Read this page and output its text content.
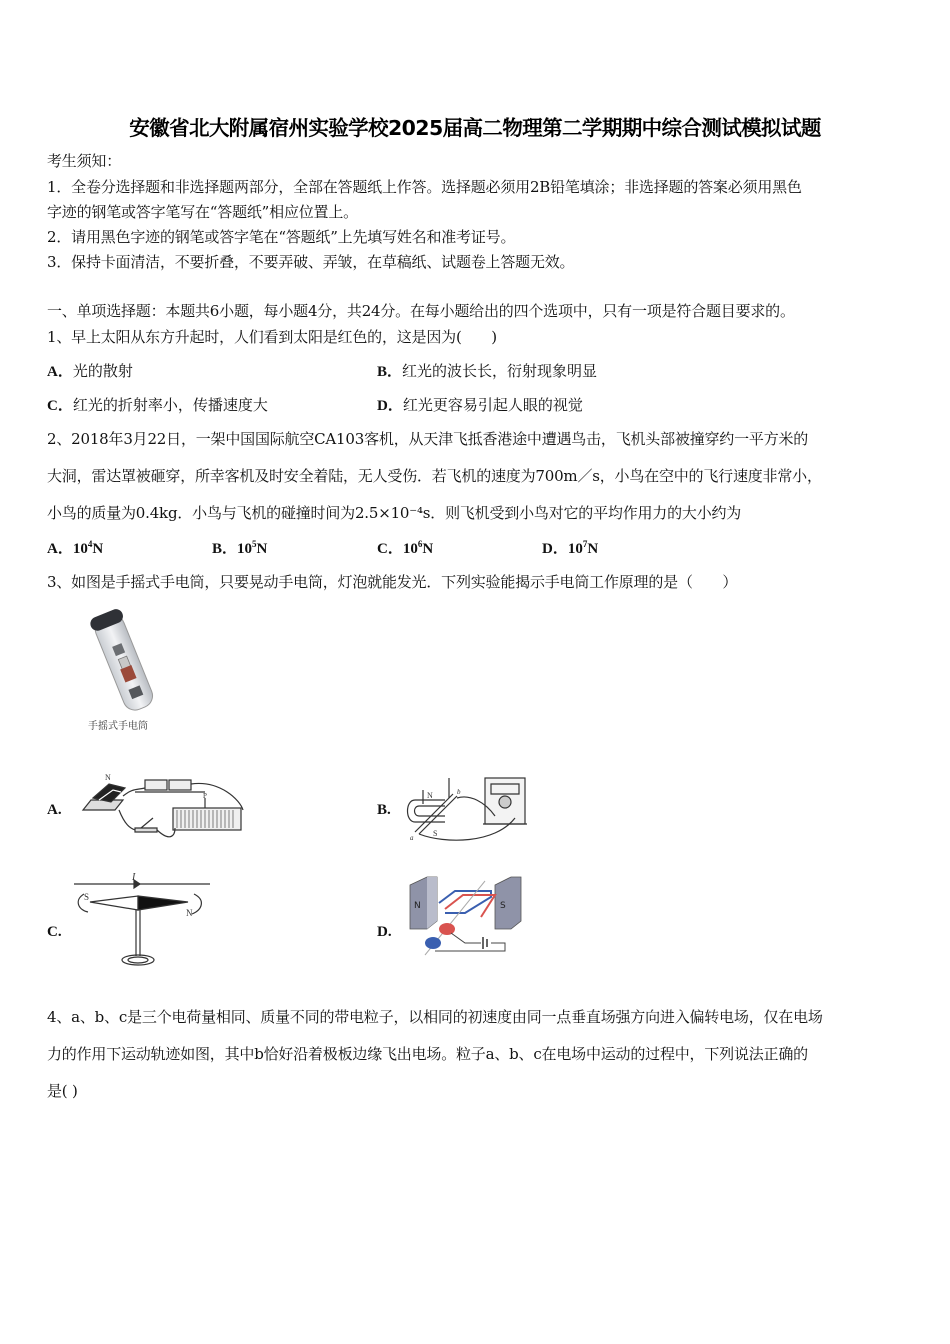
安徽省北大附属宿州实验学校2025届高二物理第二学期期中综合测试模拟试题
考生须知：
1．全卷分选择题和非选择题两部分，全部在答题纸上作答。选择题必须用2B铅笔填涂；非选择题的答案必须用黑色
字迹的钢笔或答字笔写在“答题纸”相应位置上。
2．请用黑色字迹的钢笔或答字笔在“答题纸”上先填写姓名和准考证号。
3．保持卡面清洁，不要折叠，不要弄破、弄皱，在草稿纸、试题卷上答题无效。
一、单项选择题：本题共6小题，每小题4分，共24分。在每小题给出的四个选项中，只有一项是符合题目要求的。
1、早上太阳从东方升起时，人们看到太阳是红色的，这是因为(　　)
A．光的散射	B．红光的波长长，衍射现象明显
C．红光的折射率小，传播速度大	D．红光更容易引起人眼的视觉
2、2018年3月22日，一架中国国际航空CA103客机，从天津飞抵香港途中遭遇鸟击，飞机头部被撞穿约一平方米的
大洞，雷达罩被砸穿，所幸客机及时安全着陆，无人受伤．若飞机的速度为700m／s，小鸟在空中的飞行速度非常小，
小鸟的质量为0.4kg．小鸟与飞机的碰撞时间为2.5×10⁻⁴s．则飞机受到小鸟对它的平均作用力的大小约为
A．$10^4N$	B．$10^5N$	C．$10^6N$	D．$10^7N$
3、如图是手摇式手电筒，只要晃动手电筒，灯泡就能发光．下列实验能揭示手电筒工作原理的是（　　）
手摇式手电筒
A.
N
P
B.
N
S
a
b
C.
I
S
N
D.
N	S
4、a、b、c是三个电荷量相同、质量不同的带电粒子，以相同的初速度由同一点垂直场强方向进入偏转电场，仅在电场
力的作用下运动轨迹如图，其中b恰好沿着极板边缘飞出电场。粒子a、b、c在电场中运动的过程中，下列说法正确的
是( )
